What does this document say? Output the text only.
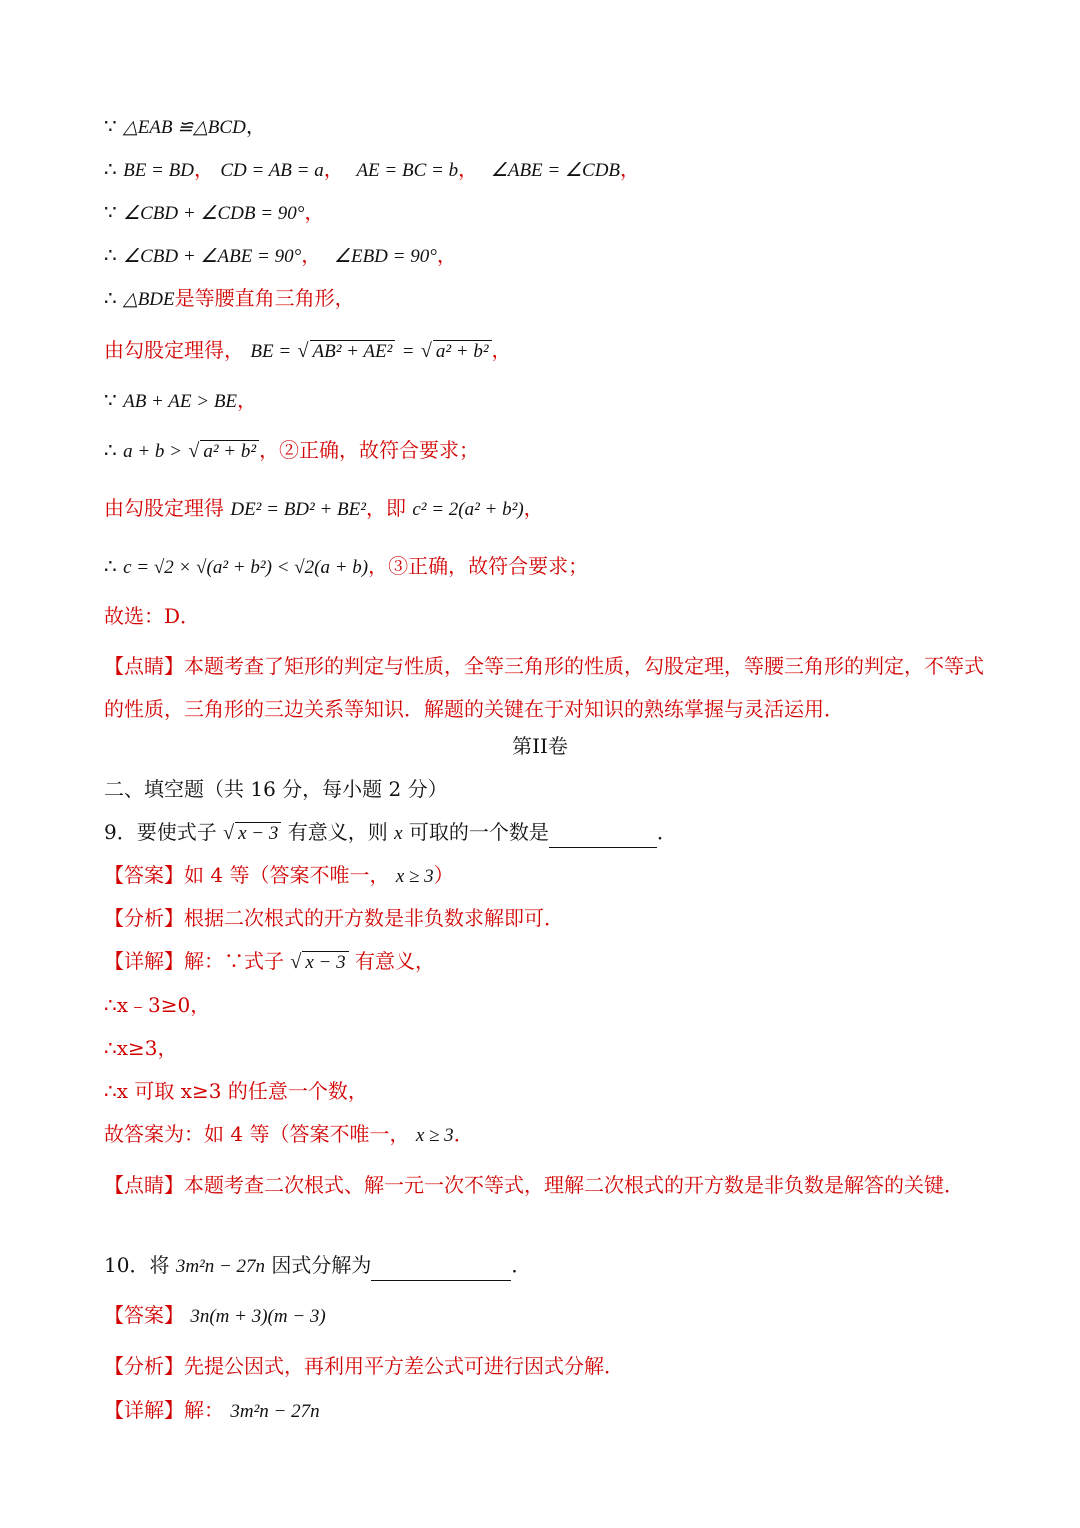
∵ △EAB ≌△BCD，
∴ BE = BD， CD = AB = a， AE = BC = b， ∠ABE = ∠CDB，
∵ ∠CBD + ∠CDB = 90°，
∴ ∠CBD + ∠ABE = 90°， ∠EBD = 90°，
∴ △BDE是等腰直角三角形，
由勾股定理得， BE = √ AB² + AE² = √ a² + b² ，
∵ AB + AE > BE，
∴ a + b > √ a² + b² ，②正确，故符合要求；
由勾股定理得 DE² = BD² + BE²，即 c² = 2(a² + b²)，
∴ c = √2 × √(a² + b²) < √2(a + b)，③正确，故符合要求；
故选：D．
【点睛】本题考查了矩形的判定与性质，全等三角形的性质，勾股定理，等腰三角形的判定，不等式的性质，三角形的三边关系等知识．解题的关键在于对知识的熟练掌握与灵活运用．
第II卷
二、填空题（共 16 分，每小题 2 分）
9．要使式子 √ x − 3 有意义，则 x 可取的一个数是	．
【答案】如 4 等（答案不唯一， x ≥ 3）
【分析】根据二次根式的开方数是非负数求解即可．
【详解】解：∵式子 √ x − 3 有意义，
∴x﹣3≥0，
∴x≥3，
∴x 可取 x≥3 的任意一个数，
故答案为：如 4 等（答案不唯一， x ≥ 3．
【点睛】本题考查二次根式、解一元一次不等式，理解二次根式的开方数是非负数是解答的关键．
10．将 3m²n − 27n 因式分解为	．
【答案】 3n(m + 3)(m − 3)
【分析】先提公因式，再利用平方差公式可进行因式分解．
【详解】解： 3m²n − 27n
